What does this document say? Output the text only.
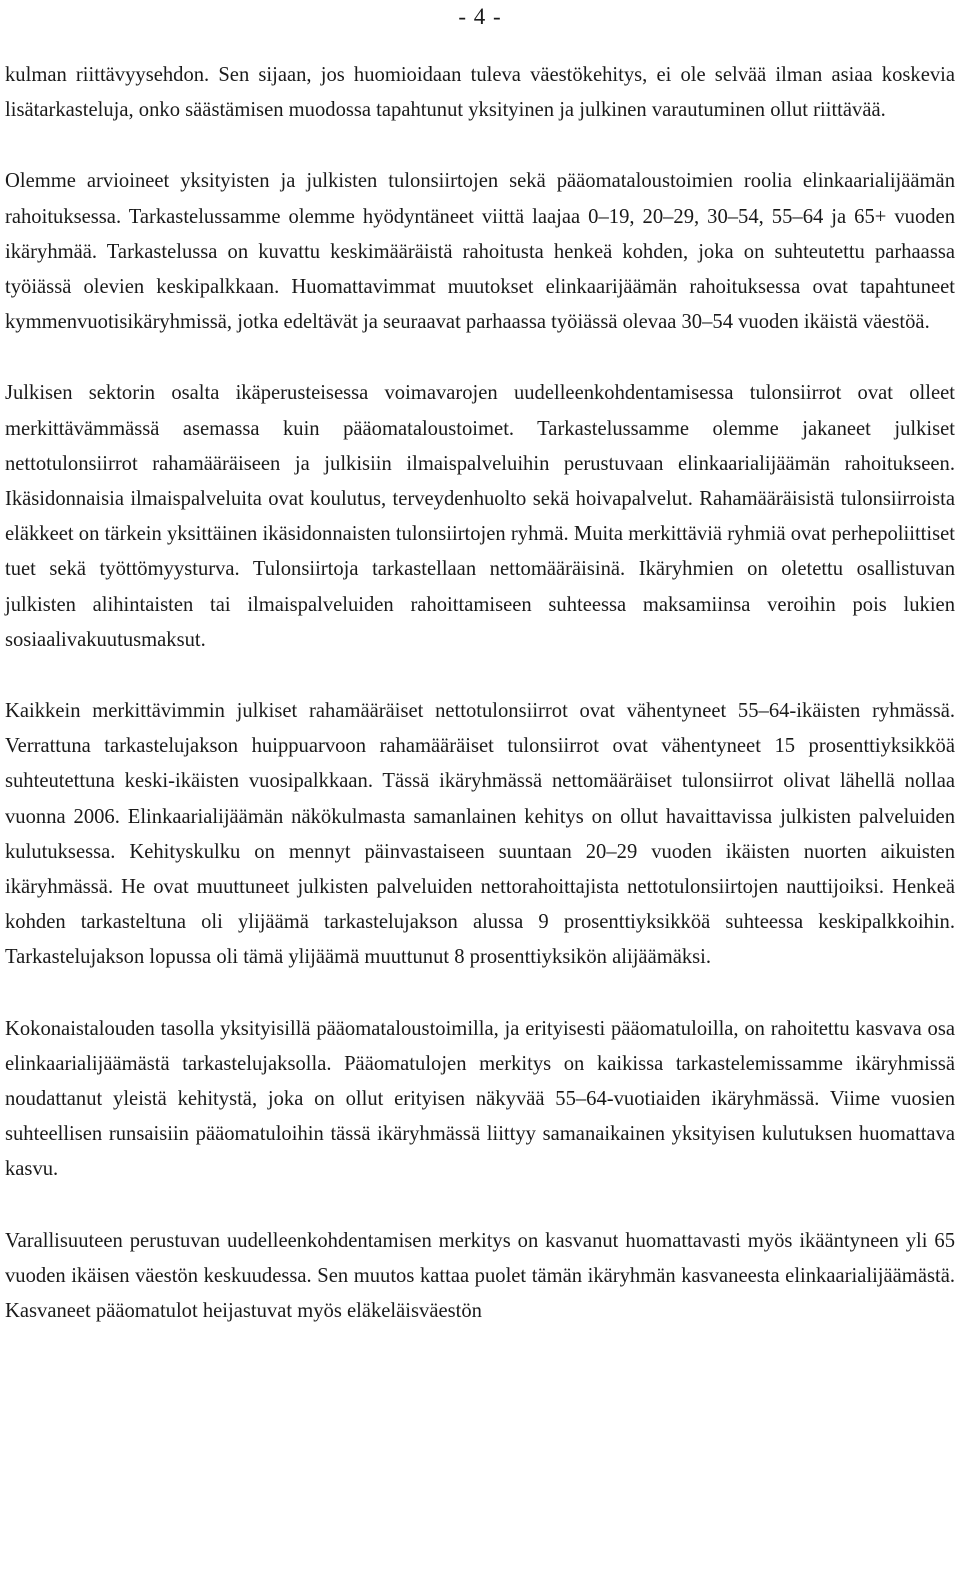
- 4 -

kulman riittävyysehdon. Sen sijaan, jos huomioidaan tuleva väestökehitys, ei ole selvää ilman asiaa koskevia lisätarkasteluja, onko säästämisen muodossa tapahtunut yksityinen ja julkinen varautuminen ollut riittävää.

Olemme arvioineet yksityisten ja julkisten tulonsiirtojen sekä pääomataloustoimien roolia elinkaarialijäämän rahoituksessa. Tarkastelussamme olemme hyödyntäneet viittä laajaa 0–19, 20–29, 30–54, 55–64 ja 65+ vuoden ikäryhmää. Tarkastelussa on kuvattu keskimääräistä rahoitusta henkeä kohden, joka on suhteutettu parhaassa työiässä olevien keskipalkkaan. Huomattavimmat muutokset elinkaarijäämän rahoituksessa ovat tapahtuneet kymmenvuotisikäryhmissä, jotka edeltävät ja seuraavat parhaassa työiässä olevaa 30–54 vuoden ikäistä väestöä.

Julkisen sektorin osalta ikäperusteisessa voimavarojen uudelleenkohdentamisessa tulonsiirrot ovat olleet merkittävämmässä asemassa kuin pääomataloustoimet. Tarkastelussamme olemme jakaneet julkiset nettotulonsiirrot rahamääräiseen ja julkisiin ilmaispalveluihin perustuvaan elinkaarialijäämän rahoitukseen. Ikäsidonnaisia ilmaispalveluita ovat koulutus, terveydenhuolto sekä hoivapalvelut. Rahamääräisistä tulonsiirroista eläkkeet on tärkein yksittäinen ikäsidonnaisten tulonsiirtojen ryhmä. Muita merkittäviä ryhmiä ovat perhepoliittiset tuet sekä työttömyysturva. Tulonsiirtoja tarkastellaan nettomääräisinä. Ikäryhmien on oletettu osallistuvan julkisten alihintaisten tai ilmaispalveluiden rahoittamiseen suhteessa maksamiinsa veroihin pois lukien sosiaalivakuutusmaksut.

Kaikkein merkittävimmin julkiset rahamääräiset nettotulonsiirrot ovat vähentyneet 55–64-ikäisten ryhmässä. Verrattuna tarkastelujakson huippuarvoon rahamääräiset tulonsiirrot ovat vähentyneet 15 prosenttiyksikköä suhteutettuna keski-ikäisten vuosipalkkaan. Tässä ikäryhmässä nettomääräiset tulonsiirrot olivat lähellä nollaa vuonna 2006. Elinkaarialijäämän näkökulmasta samanlainen kehitys on ollut havaittavissa julkisten palveluiden kulutuksessa. Kehityskulku on mennyt päinvastaiseen suuntaan 20–29 vuoden ikäisten nuorten aikuisten ikäryhmässä. He ovat muuttuneet julkisten palveluiden nettorahoittajista nettotulonsiirtojen nauttijoiksi. Henkeä kohden tarkasteltuna oli ylijäämä tarkastelujakson alussa 9 prosenttiyksikköä suhteessa keskipalkkoihin. Tarkastelujakson lopussa oli tämä ylijäämä muuttunut 8 prosenttiyksikön alijäämäksi.

Kokonaistalouden tasolla yksityisillä pääomataloustoimilla, ja erityisesti pääomatuloilla, on rahoitettu kasvava osa elinkaarialijäämästä tarkastelujaksolla. Pääomatulojen merkitys on kaikissa tarkastelemissamme ikäryhmissä noudattanut yleistä kehitystä, joka on ollut erityisen näkyvää 55–64-vuotiaiden ikäryhmässä. Viime vuosien suhteellisen runsaisiin pääomatuloihin tässä ikäryhmässä liittyy samanaikainen yksityisen kulutuksen huomattava kasvu.

Varallisuuteen perustuvan uudelleenkohdentamisen merkitys on kasvanut huomattavasti myös ikääntyneen yli 65 vuoden ikäisen väestön keskuudessa. Sen muutos kattaa puolet tämän ikäryhmän kasvaneesta elinkaarialijäämästä. Kasvaneet pääomatulot heijastuvat myös eläkeläisväestön
